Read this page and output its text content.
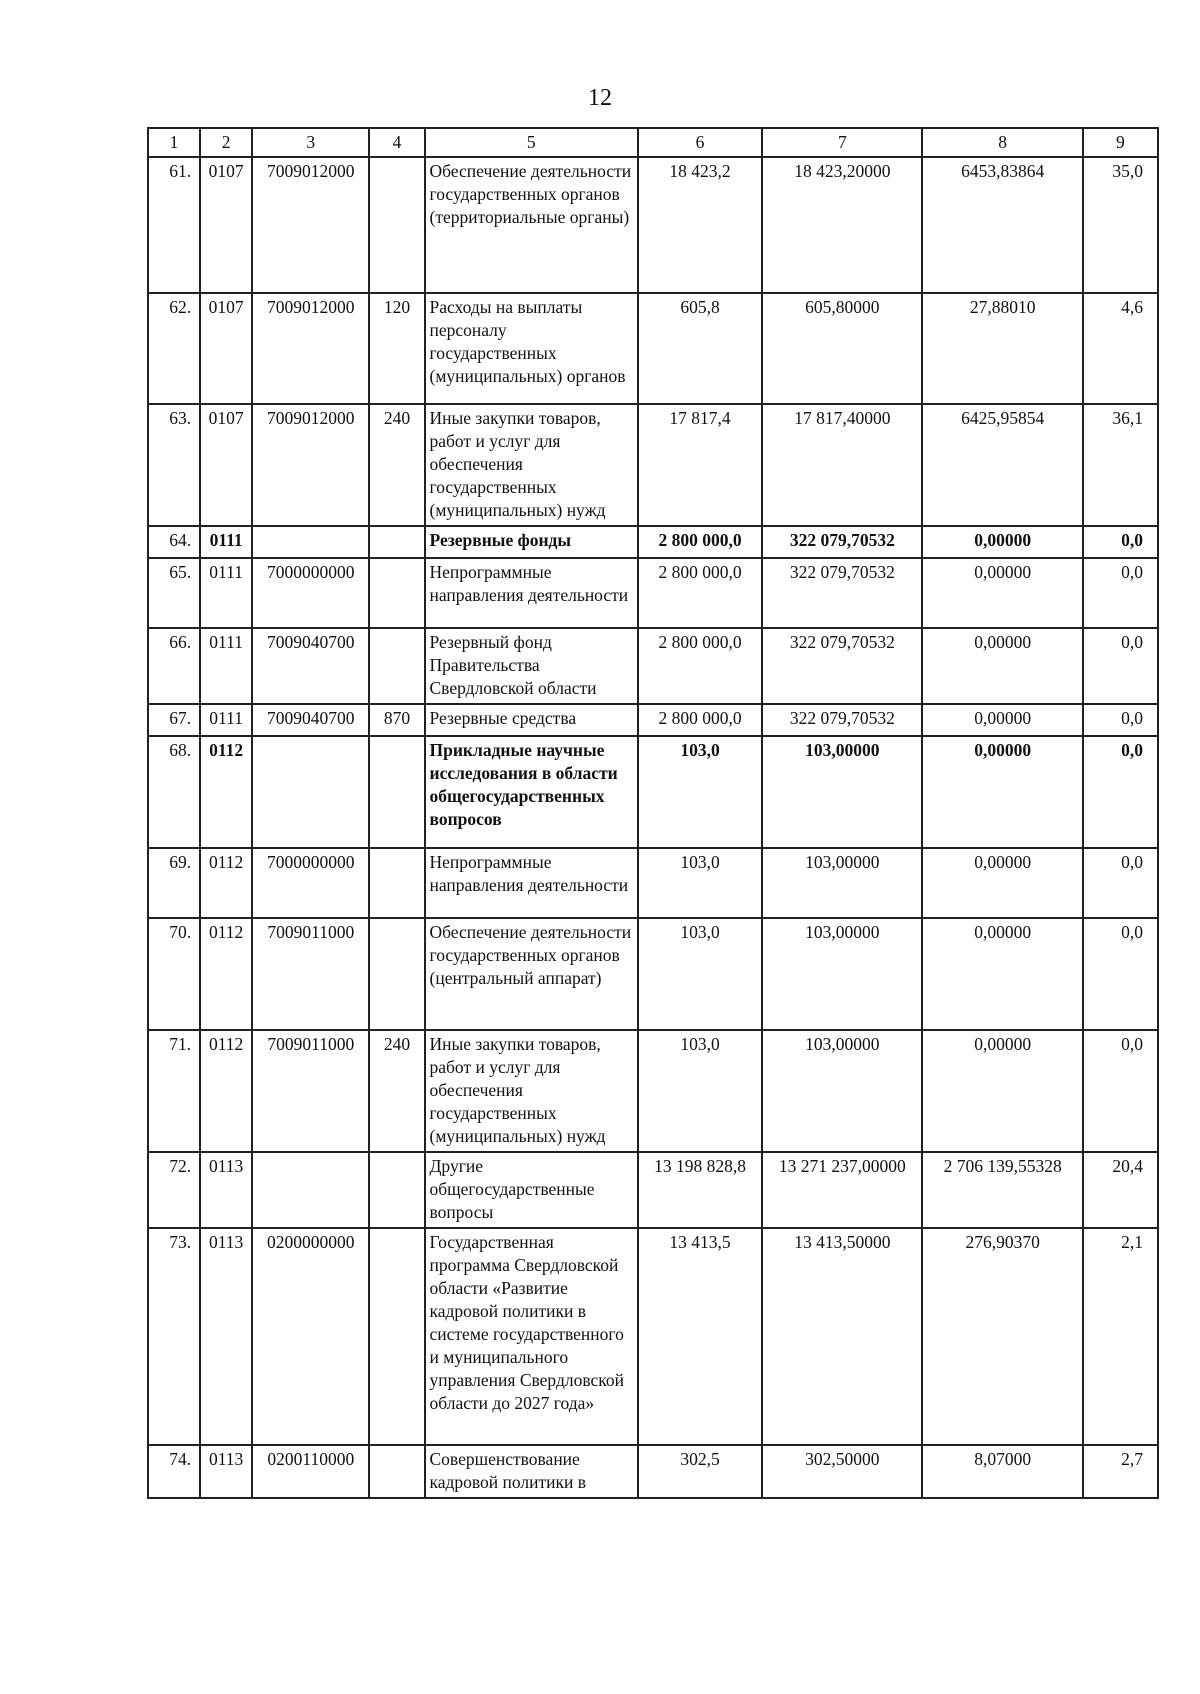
12
1	2	3	4	5	6	7	8	9
61.	0107	7009012000		Обеспечение деятельности государственных органов (территориальные органы)	18 423,2	18 423,20000	6453,83864	35,0
62.	0107	7009012000	120	Расходы на выплаты персоналу государственных (муниципальных) органов	605,8	605,80000	27,88010	4,6
63.	0107	7009012000	240	Иные закупки товаров, работ и услуг для обеспечения государственных (муниципальных) нужд	17 817,4	17 817,40000	6425,95854	36,1
64.	0111			Резервные фонды	2 800 000,0	322 079,70532	0,00000	0,0
65.	0111	7000000000		Непрограммные направления деятельности	2 800 000,0	322 079,70532	0,00000	0,0
66.	0111	7009040700		Резервный фонд Правительства Свердловской области	2 800 000,0	322 079,70532	0,00000	0,0
67.	0111	7009040700	870	Резервные средства	2 800 000,0	322 079,70532	0,00000	0,0
68.	0112			Прикладные научные исследования в области общегосударственных вопросов	103,0	103,00000	0,00000	0,0
69.	0112	7000000000		Непрограммные направления деятельности	103,0	103,00000	0,00000	0,0
70.	0112	7009011000		Обеспечение деятельности государственных органов (центральный аппарат)	103,0	103,00000	0,00000	0,0
71.	0112	7009011000	240	Иные закупки товаров, работ и услуг для обеспечения государственных (муниципальных) нужд	103,0	103,00000	0,00000	0,0
72.	0113			Другие общегосударственные вопросы	13 198 828,8	13 271 237,00000	2 706 139,55328	20,4
73.	0113	0200000000		Государственная программа Свердловской области «Развитие кадровой политики в системе государственного и муниципального управления Свердловской области до 2027 года»	13 413,5	13 413,50000	276,90370	2,1
74.	0113	0200110000		Совершенствование кадровой политики в	302,5	302,50000	8,07000	2,7
